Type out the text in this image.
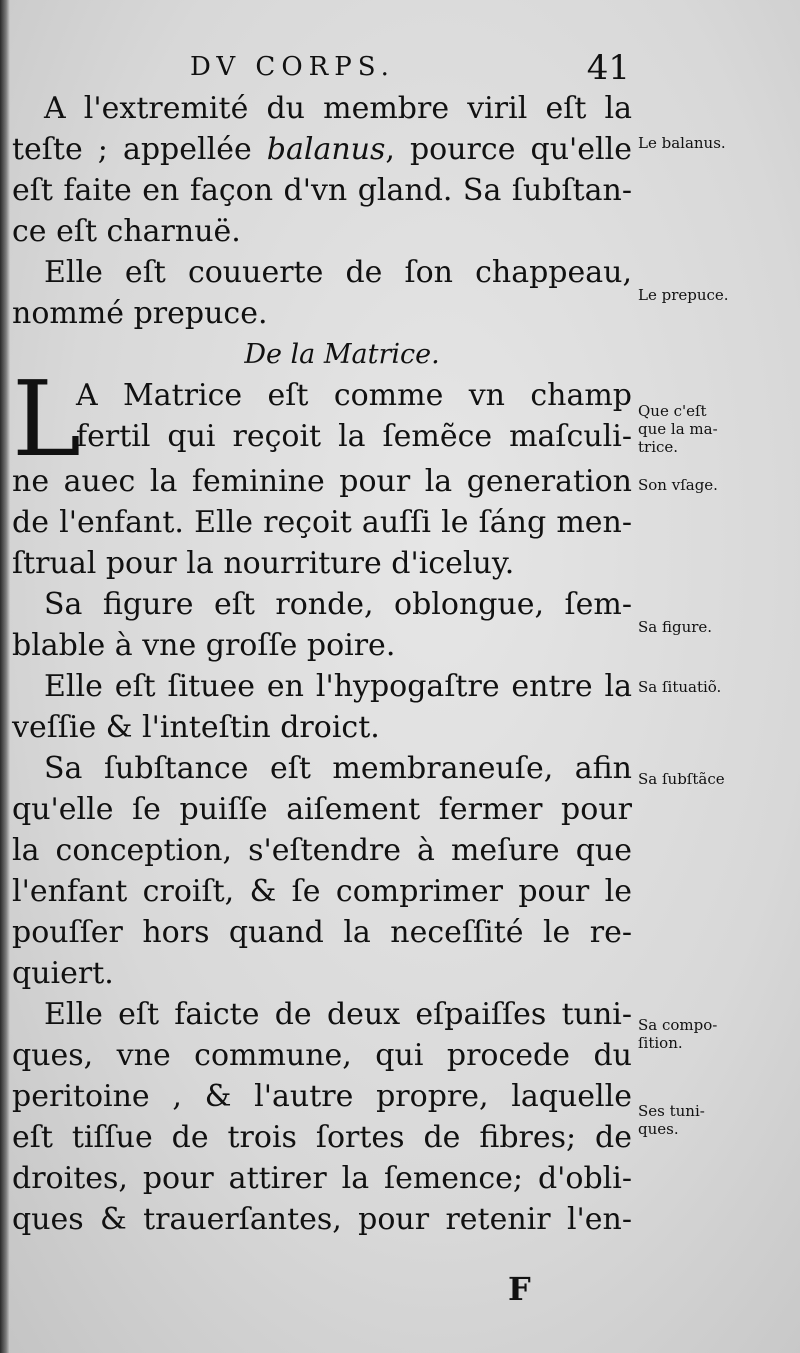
DV CORPS.	41
A l'extremité du membre viril eſt la
teſte ; appellée balanus, pource qu'elle
eſt faite en façon d'vn gland. Sa ſubſtan-
ce eſt charnuë.
Elle eſt couuerte de ſon chappeau,
nommé prepuce.
De la Matrice.
L
A Matrice eſt comme vn champ
fertil qui reçoit la ſemẽce maſculi-
ne auec la feminine pour la generation
de l'enfant. Elle reçoit auſſi le ſáng men-
ſtrual pour la nourriture d'iceluy.
Sa figure eſt ronde, oblongue, ſem-
blable à vne groſſe poire.
Elle eſt ſituee en l'hypogaſtre entre la
veſſie & l'inteſtin droict.
Sa ſubſtance eſt membraneuſe, afin
qu'elle ſe puiſſe aiſement fermer pour
la conception, s'eſtendre à meſure que
l'enfant croiſt, & ſe comprimer pour le
pouſſer hors quand la neceſſité le re-
quiert.
Elle eſt faicte de deux eſpaiſſes tuni-
ques, vne commune, qui procede du
peritoine , & l'autre propre, laquelle
eſt tiſſue de trois ſortes de fibres; de
droites, pour attirer la ſemence; d'obli-
ques & trauerſantes, pour retenir l'en-
Le balanus.
Le prepuce.
Que c'eſt
que la ma-
trice.
Son vſage.
Sa figure.
Sa ſituatiõ.
Sa ſubſtãce
Sa compo-
ſition.
Ses tuni-
ques.
F
